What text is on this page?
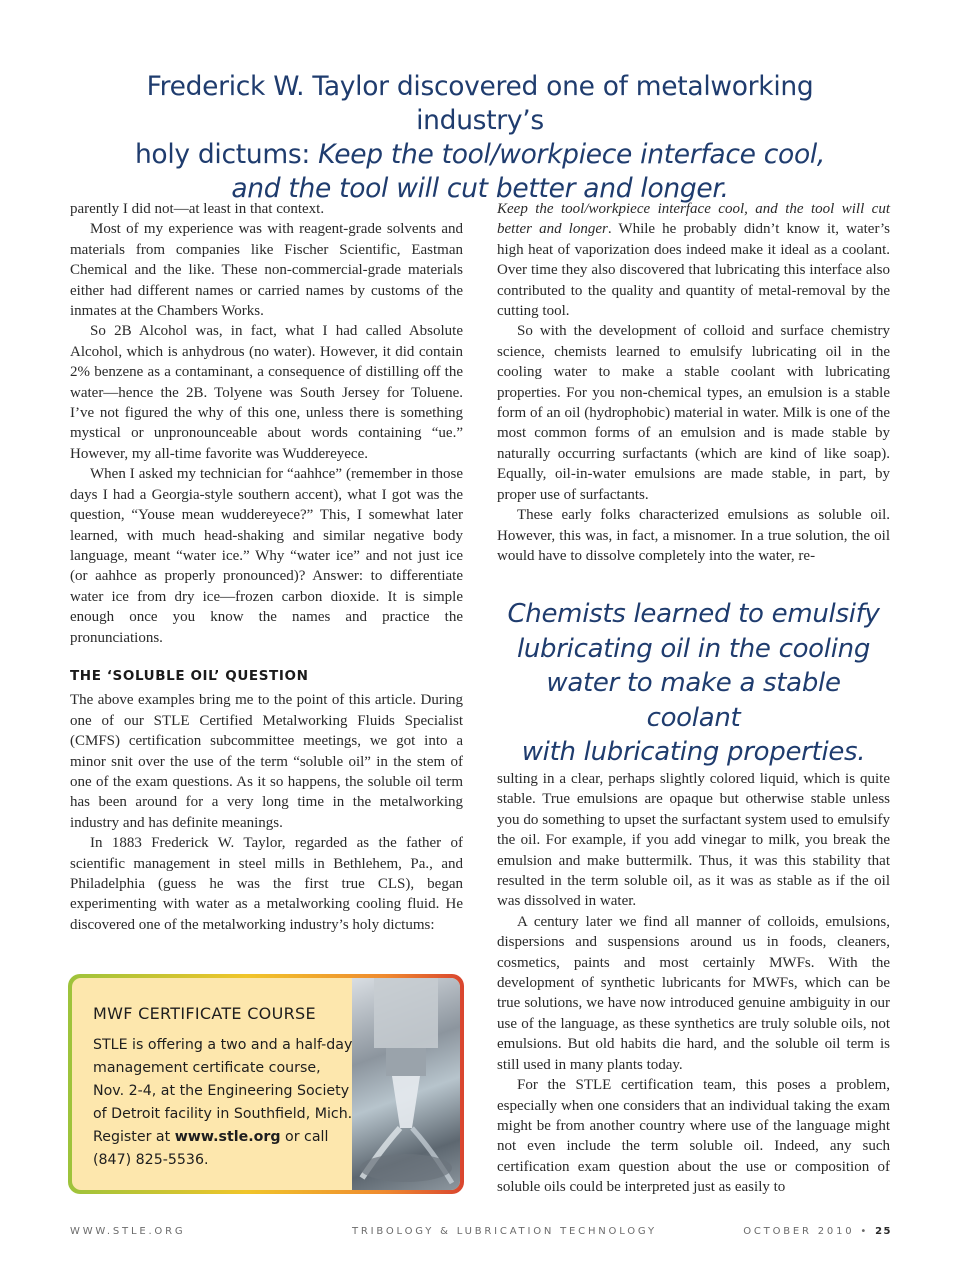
Frederick W. Taylor discovered one of metalworking industry’s
holy dictums: Keep the tool/workpiece interface cool,
and the tool will cut better and longer.

parently I did not—at least in that context.

Most of my experience was with reagent-grade solvents and materials from companies like Fischer Scientific, Eastman Chemical and the like. These non-commercial-grade materials either had different names or carried names by customs of the inmates at the Chambers Works.

So 2B Alcohol was, in fact, what I had called Absolute Alcohol, which is anhydrous (no water). However, it did contain 2% benzene as a contaminant, a consequence of distilling off the water—hence the 2B. Tolyene was South Jersey for Toluene. I’ve not figured the why of this one, unless there is something mystical or unpronounceable about words containing “ue.” However, my all-time favorite was Wuddereyece.

When I asked my technician for “aahhce” (remember in those days I had a Georgia-style southern accent), what I got was the question, “Youse mean wuddereyece?” This, I somewhat later learned, with much head-shaking and similar negative body language, meant “water ice.” Why “water ice” and not just ice (or aahhce as properly pronounced)? Answer: to differentiate water ice from dry ice—frozen carbon dioxide. It is simple enough once you know the names and practice the pronunciations.

THE ‘SOLUBLE OIL’ QUESTION

The above examples bring me to the point of this article. During one of our STLE Certified Metalworking Fluids Specialist (CMFS) certification subcommittee meetings, we got into a minor snit over the use of the term “soluble oil” in the stem of one of the exam questions. As it so happens, the soluble oil term has been around for a very long time in the metalworking industry and has definite meanings.

In 1883 Frederick W. Taylor, regarded as the father of scientific management in steel mills in Bethlehem, Pa., and Philadelphia (guess he was the first true CLS), began experimenting with water as a metalworking cooling fluid. He discovered one of the metalworking industry’s holy dictums:

Keep the tool/workpiece interface cool, and the tool will cut better and longer. While he probably didn’t know it, water’s high heat of vaporization does indeed make it ideal as a coolant. Over time they also discovered that lubricating this interface also contributed to the quality and quantity of metal-removal by the cutting tool.

So with the development of colloid and surface chemistry science, chemists learned to emulsify lubricating oil in the cooling water to make a stable coolant with lubricating properties. For you non-chemical types, an emulsion is a stable form of an oil (hydrophobic) material in water. Milk is one of the most common forms of an emulsion and is made stable by naturally occurring surfactants (which are kind of like soap). Equally, oil-in-water emulsions are made stable, in part, by proper use of surfactants.

These early folks characterized emulsions as soluble oil. However, this was, in fact, a misnomer. In a true solution, the oil would have to dissolve completely into the water, re-

Chemists learned to emulsify
lubricating oil in the cooling
water to make a stable coolant
with lubricating properties.

sulting in a clear, perhaps slightly colored liquid, which is quite stable. True emulsions are opaque but otherwise stable unless you do something to upset the surfactant system used to emulsify the oil. For example, if you add vinegar to milk, you break the emulsion and make buttermilk. Thus, it was this stability that resulted in the term soluble oil, as it was as stable as if the oil was dissolved in water.

A century later we find all manner of colloids, emulsions, dispersions and suspensions around us in foods, cleaners, cosmetics, paints and most certainly MWFs. With the development of synthetic lubricants for MWFs, which can be true solutions, we have now introduced genuine ambiguity in our use of the language, as these synthetics are truly soluble oils, not emulsions. But old habits die hard, and the soluble oil term is still used in many plants today.

For the STLE certification team, this poses a problem, especially when one considers that an individual taking the exam might be from another country where use of the language might not even include the term soluble oil. Indeed, any such certification exam question about the use or composition of soluble oils could be interpreted just as easily to

MWF CERTIFICATE COURSE
STLE is offering a two and a half-day management certificate course, Nov. 2-4, at the Engineering Society of Detroit facility in Southfield, Mich. Register at www.stle.org or call (847) 825-5536.
WWW.STLE.ORG	TRIBOLOGY & LUBRICATION TECHNOLOGY	OCTOBER 2010 • 25
